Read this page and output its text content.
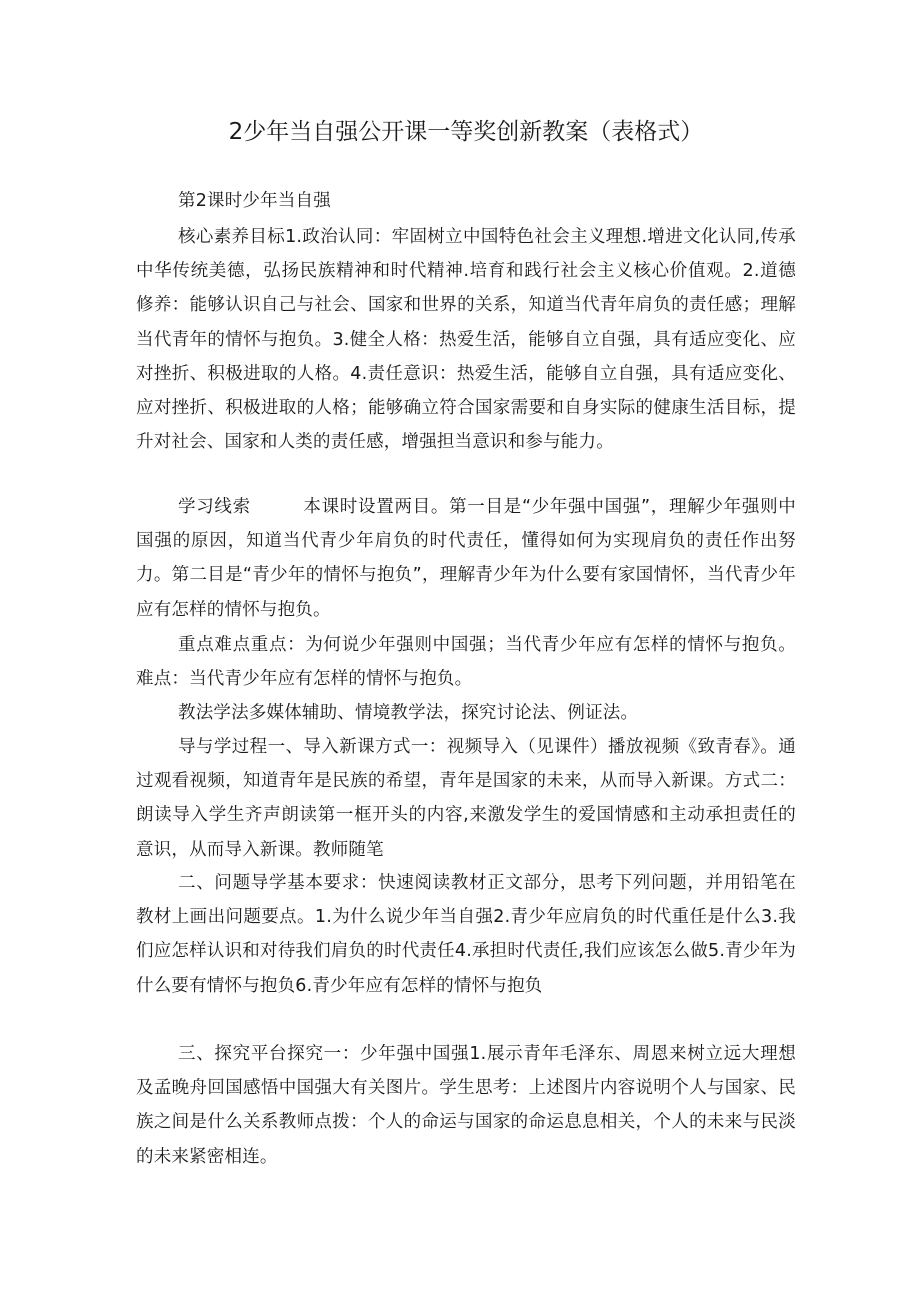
2少年当自强公开课一等奖创新教案（表格式）
第2课时少年当自强
核心素养目标1.政治认同：牢固树立中国特色社会主义理想.增进文化认同,传承中华传统美德，弘扬民族精神和时代精神.培育和践行社会主义核心价值观。2.道德修养：能够认识自己与社会、国家和世界的关系，知道当代青年肩负的责任感；理解当代青年的情怀与抱负。3.健全人格：热爱生活，能够自立自强，具有适应变化、应对挫折、积极进取的人格。4.责任意识：热爱生活，能够自立自强，具有适应变化、应对挫折、积极进取的人格；能够确立符合国家需要和自身实际的健康生活目标，提升对社会、国家和人类的责任感，增强担当意识和参与能力。
学习线索	本课时设置两目。第一目是“少年强中国强”，理解少年强则中国强的原因，知道当代青少年肩负的时代责任，懂得如何为实现肩负的责任作出努力。第二目是“青少年的情怀与抱负”，理解青少年为什么要有家国情怀，当代青少年应有怎样的情怀与抱负。
重点难点重点：为何说少年强则中国强；当代青少年应有怎样的情怀与抱负。难点：当代青少年应有怎样的情怀与抱负。
教法学法多媒体辅助、情境教学法，探究讨论法、例证法。
导与学过程一、导入新课方式一：视频导入（见课件）播放视频《致青春》。通过观看视频，知道青年是民族的希望，青年是国家的未来，从而导入新课。方式二：朗读导入学生齐声朗读第一框开头的内容,来激发学生的爱国情感和主动承担责任的意识，从而导入新课。教师随笔
二、问题导学基本要求：快速阅读教材正文部分，思考下列问题，并用铅笔在教材上画出问题要点。1.为什么说少年当自强2.青少年应肩负的时代重任是什么3.我们应怎样认识和对待我们肩负的时代责任4.承担时代责任,我们应该怎么做5.青少年为什么要有情怀与抱负6.青少年应有怎样的情怀与抱负
三、探究平台探究一：少年强中国强1.展示青年毛泽东、周恩来树立远大理想及孟晚舟回国感悟中国强大有关图片。学生思考：上述图片内容说明个人与国家、民族之间是什么关系教师点拨：个人的命运与国家的命运息息相关，个人的未来与民淡的未来紧密相连。
